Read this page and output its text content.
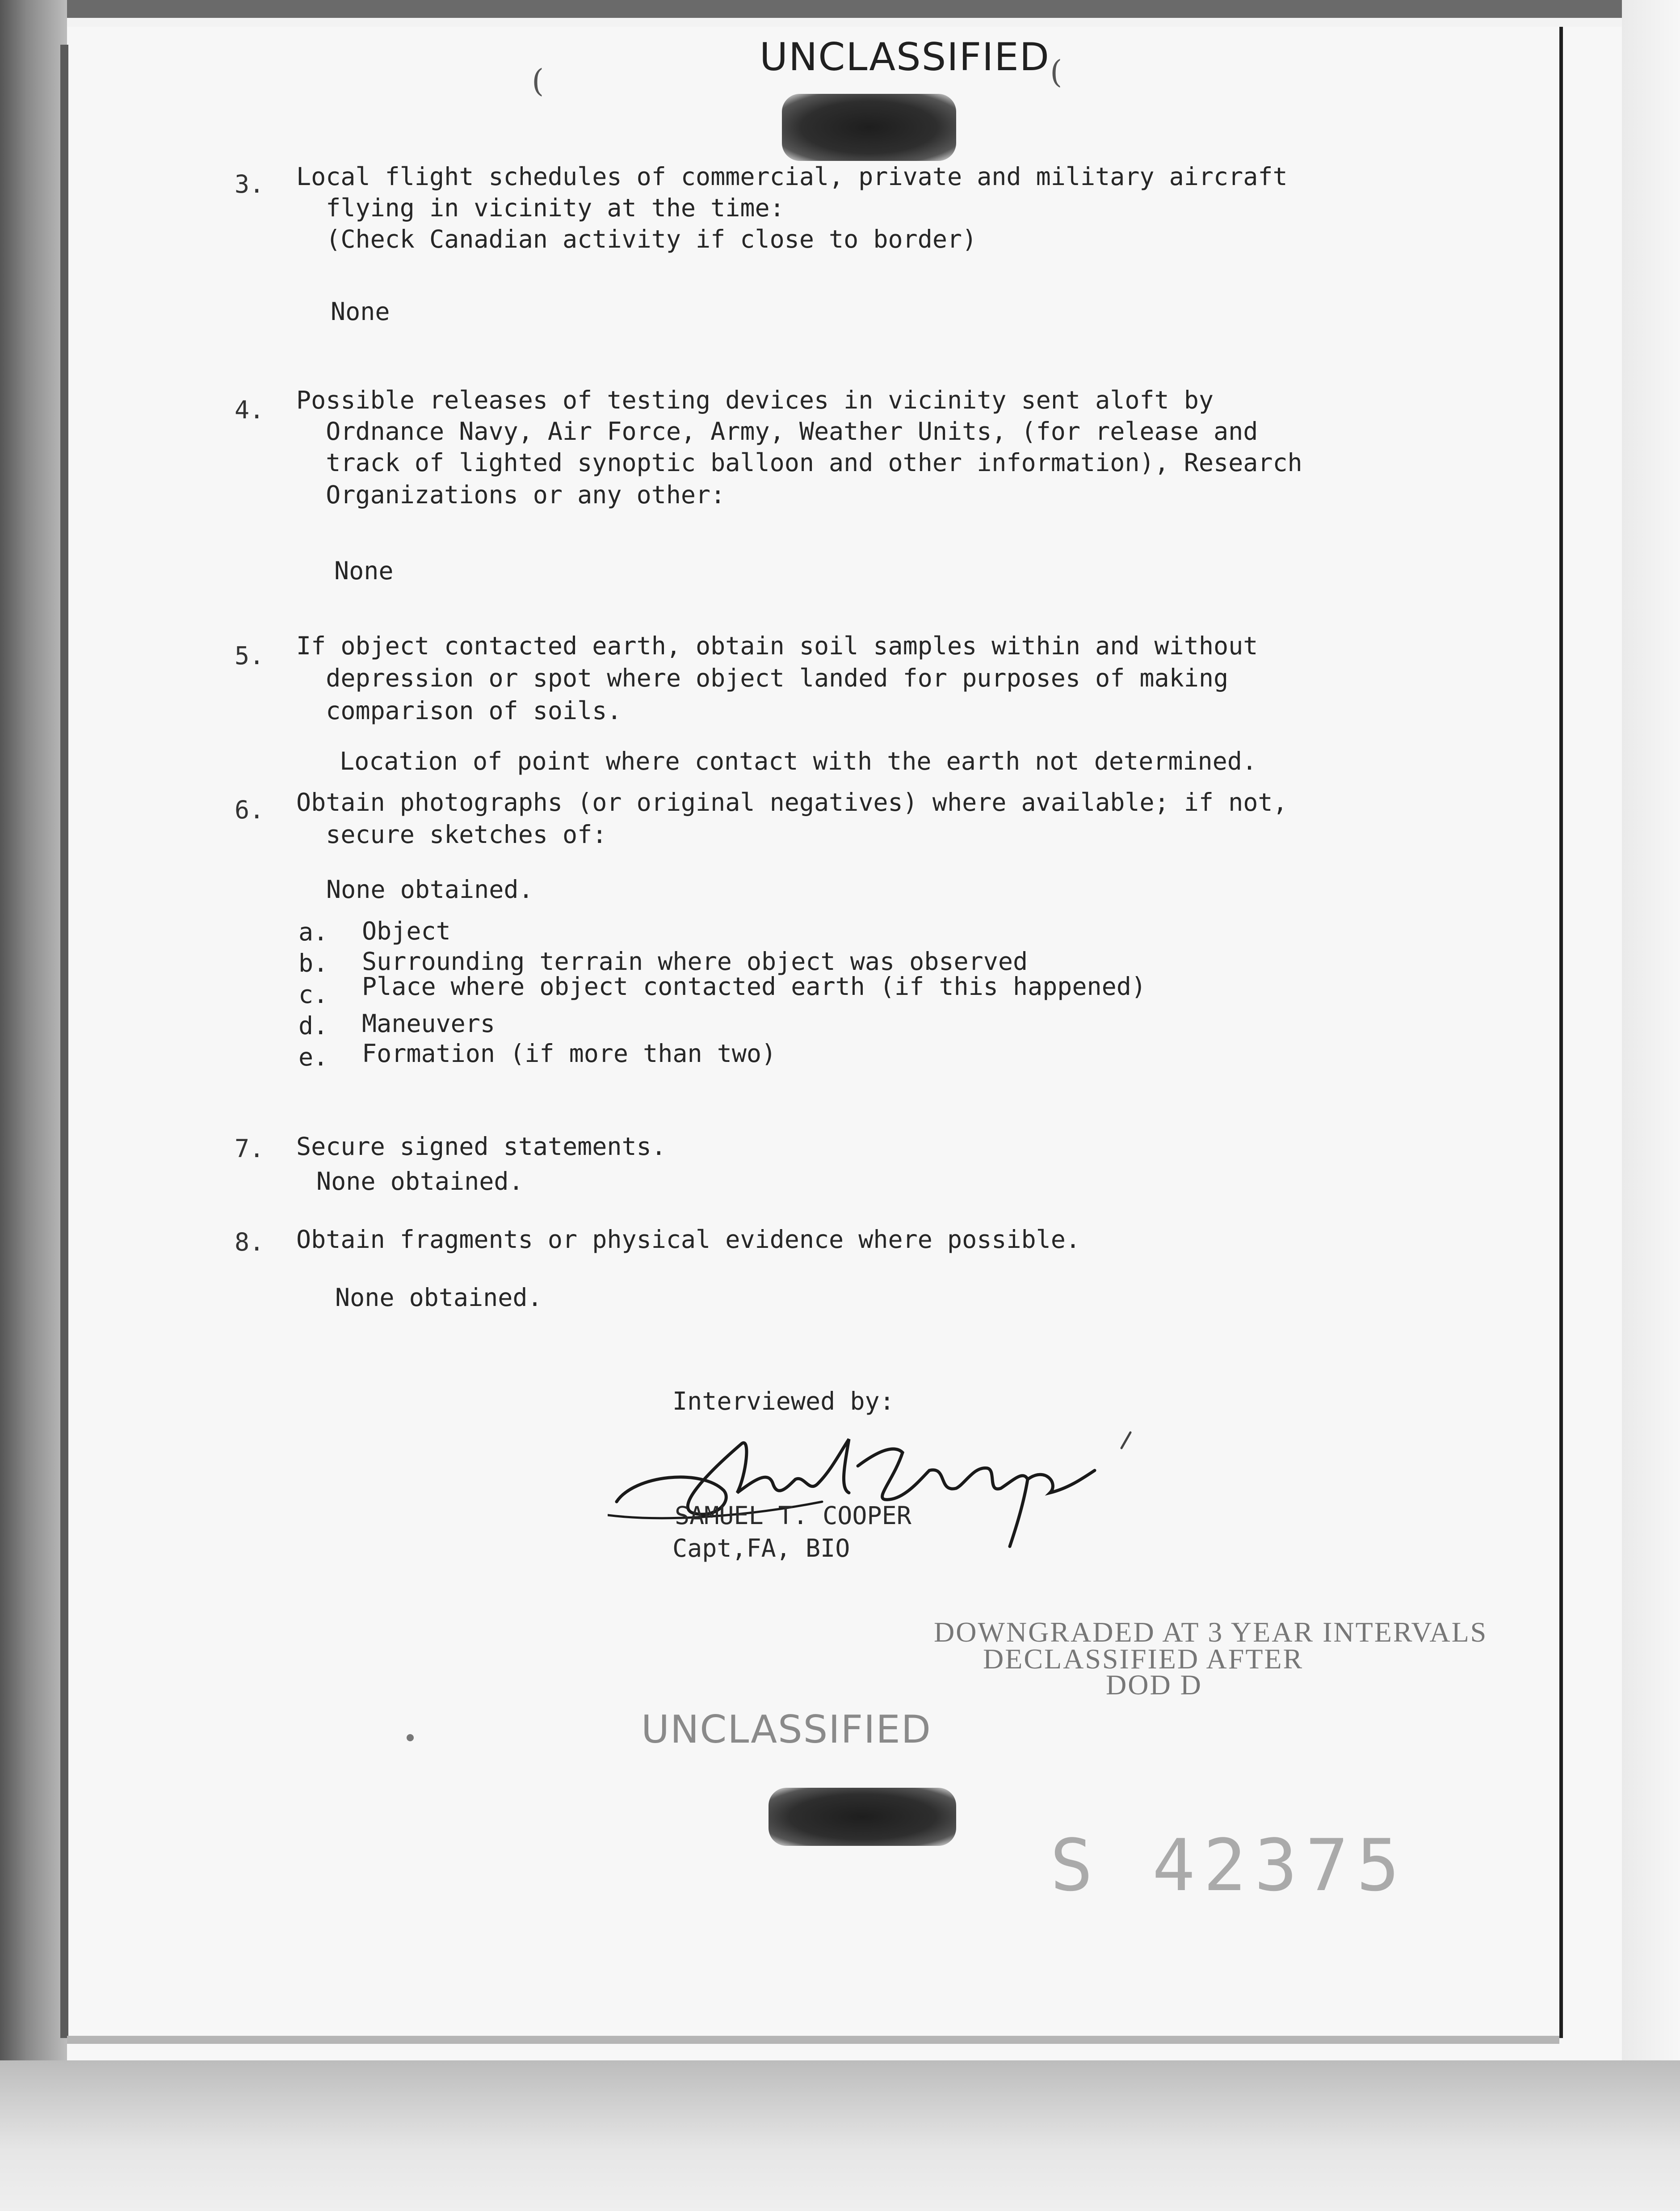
UNCLASSIFIED
(	(
3. Local flight schedules of commercial, private and military aircraft
flying in vicinity at the time:
(Check Canadian activity if close to border)
None
4. Possible releases of testing devices in vicinity sent aloft by
Ordnance Navy, Air Force, Army, Weather Units, (for release and
track of lighted synoptic balloon and other information), Research
Organizations or any other:
None
5. If object contacted earth, obtain soil samples within and without
depression or spot where object landed for purposes of making
comparison of soils.
Location of point where contact with the earth not determined.
6. Obtain photographs (or original negatives) where available; if not,
secure sketches of:
None obtained.
a. Object
b. Surrounding terrain where object was observed
c. Place where object contacted earth (if this happened)
d. Maneuvers
e. Formation (if more than two)
7. Secure signed statements.
None obtained.
8. Obtain fragments or physical evidence where possible.
None obtained.
Interviewed by:
SAMUEL T. COOPER
Capt,FA, BIO
DOWNGRADED AT 3 YEAR INTERVALS
DECLASSIFIED AFTER
DOD D
UNCLASSIFIED
S 42375
